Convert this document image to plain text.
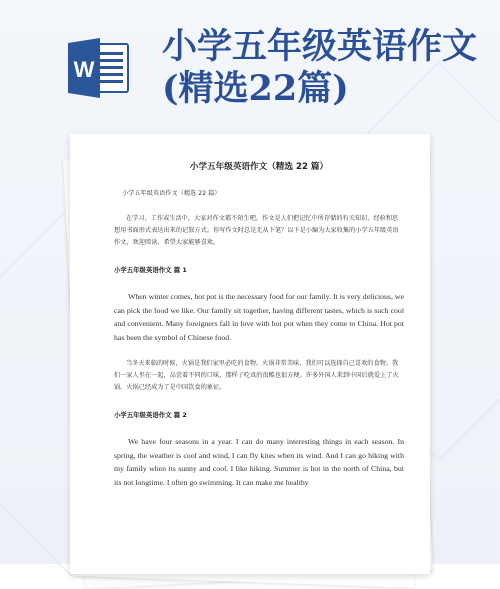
W
小学五年级英语作文(精选22篇)
小学五年级英语作文（精选 22 篇）
小学五年级英语作文（精选 22 篇）
在学习、工作或生活中，大家对作文都不陌生吧，作文是人们把记忆中所存储的有关知识、经验和思想用书面形式表达出来的记叙方式。你写作文时总是无从下笔？以下是小编为大家收集的小学五年级英语作文，欢迎阅读，希望大家能够喜欢。
小学五年级英语作文 篇 1
When winter comes, hot pot is the necessary food for our family. It is very delicious, we can pick the food we like. Our family sit together, having different tastes, which is such cool and convenient. Many foreigners fall in love with hot pot when they come to China. Hot pot has been the symbol of Chinese food.
当冬天来临的时候，火锅是我们家里必吃的食物。火锅非常美味，我们可以选择自己喜欢的食物。我们一家人坐在一起，品尝着不同的口味，那样子吃真的很酷也很方便。许多外国人来到中国后就爱上了火锅。火锅已经成为了是中国饮食的象征。
小学五年级英语作文 篇 2
We have four seasons in a year. I can do many interesting things in each season. In spring, the weather is cool and wind, I can fly kites when its wind. And I can go hiking with my family when its sunny and cool. I like hiking. Summer is hot in the north of China, but its not longtime. I often go swimming. It can make me healthy
